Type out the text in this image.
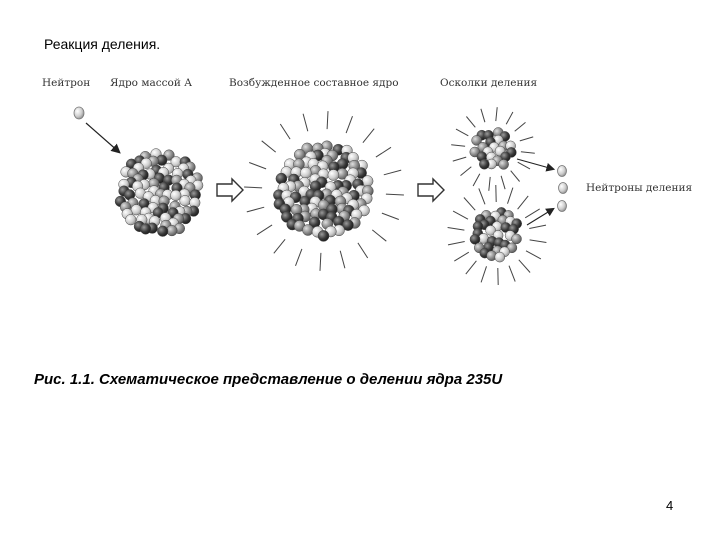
Реакция деления.
Нейтрон Ядро массой А	Возбужденное составное ядро	Осколки деления
Нейтроны деления
Рис. 1.1. Схематическое представление о делении ядра 235U
4
